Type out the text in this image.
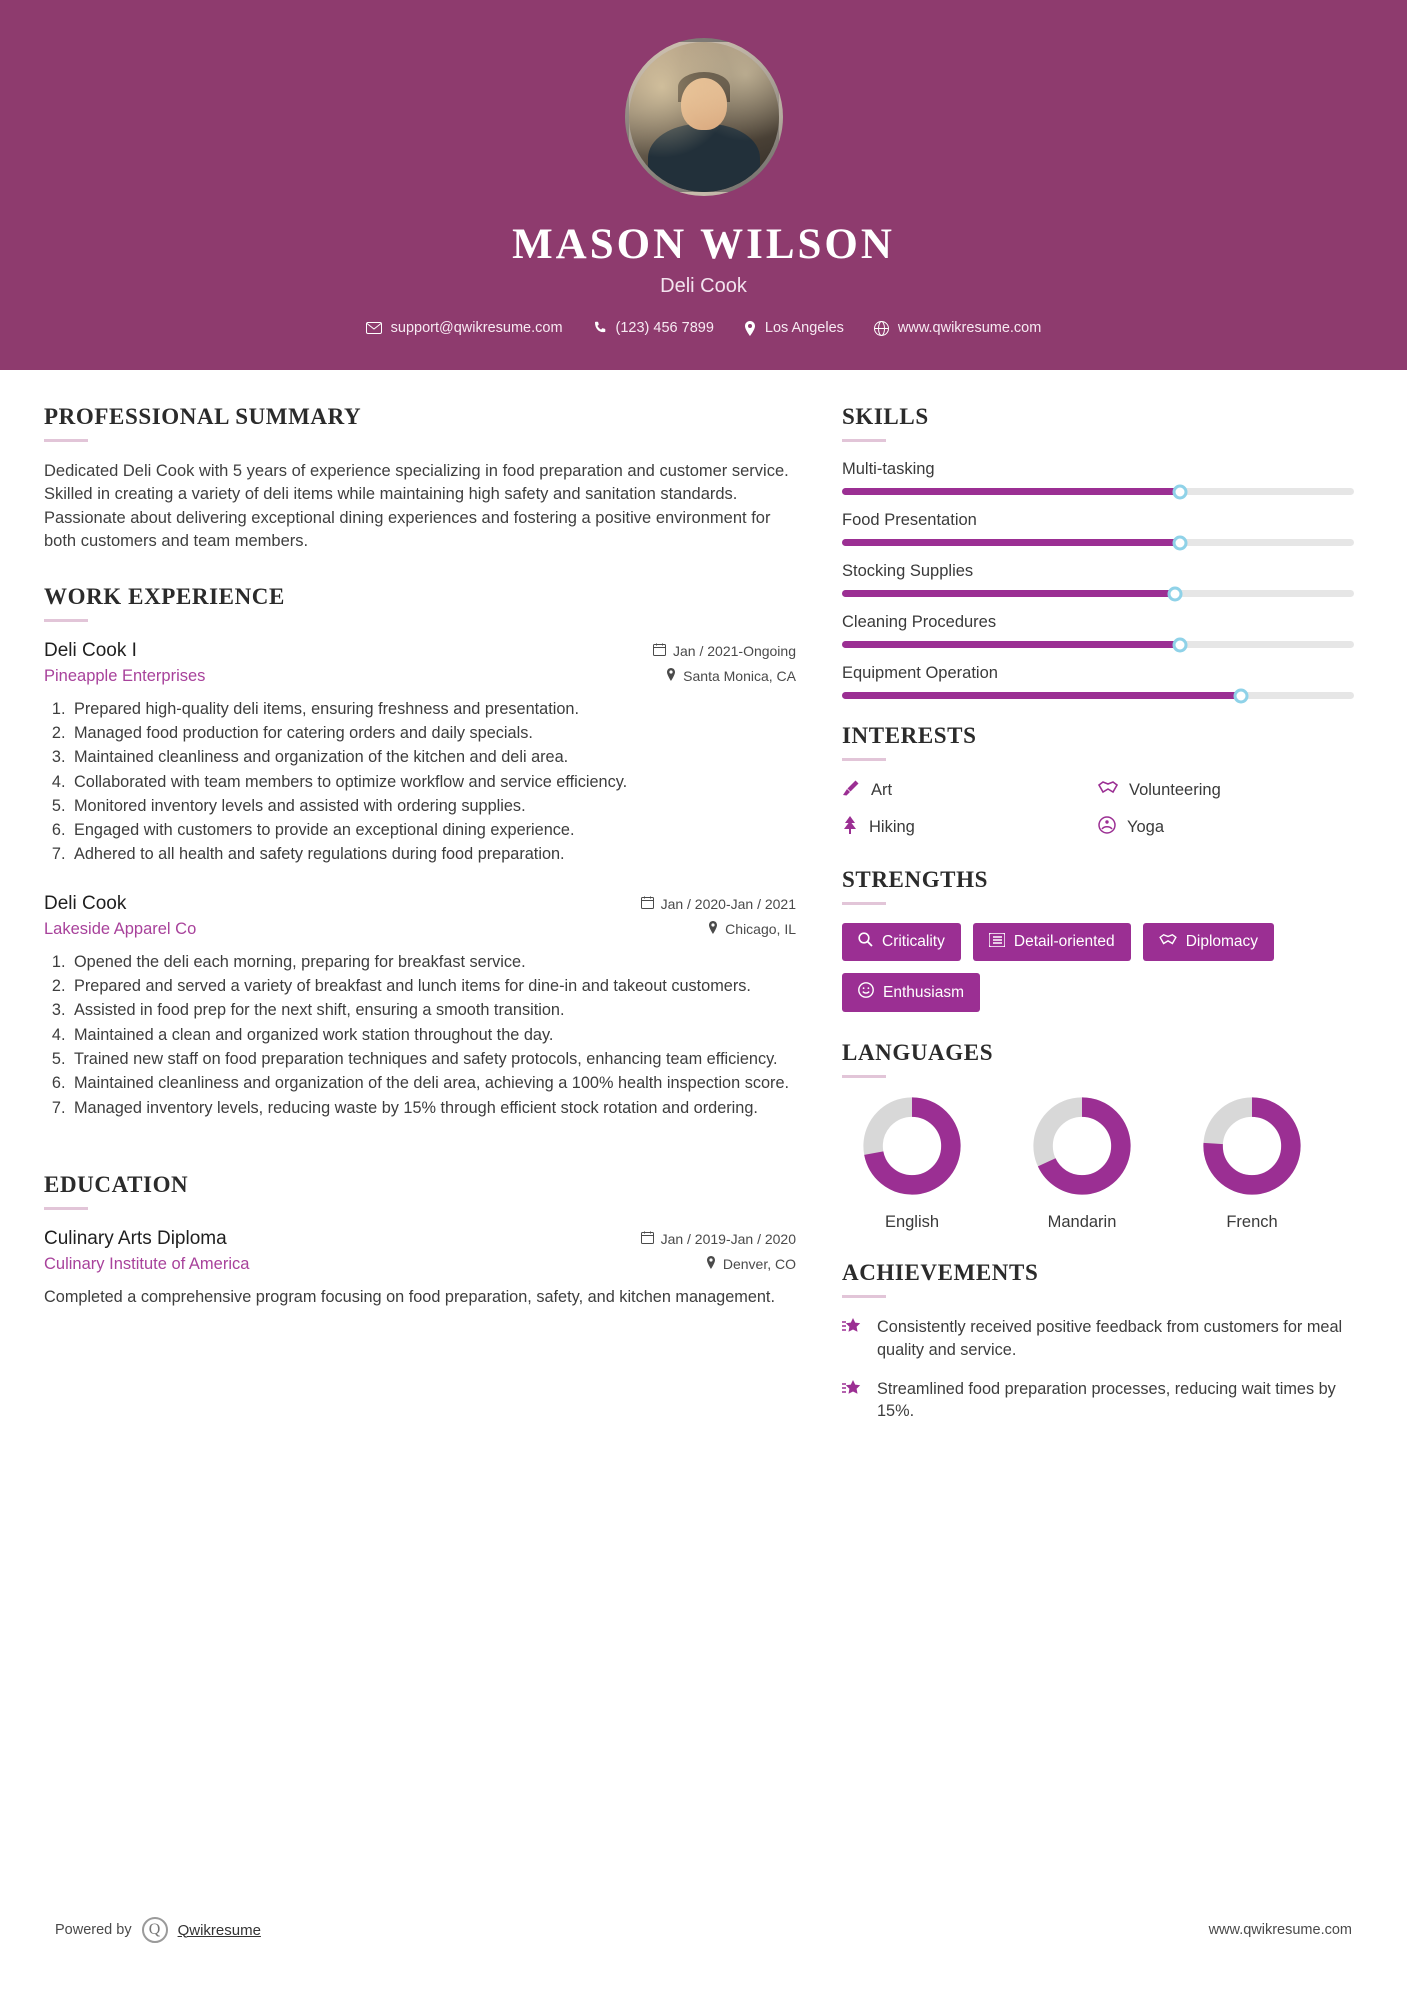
MASON WILSON
Deli Cook
support@qwikresume.com	(123) 456 7899	Los Angeles	www.qwikresume.com
PROFESSIONAL SUMMARY

Dedicated Deli Cook with 5 years of experience specializing in food preparation and customer service. Skilled in creating a variety of deli items while maintaining high safety and sanitation standards. Passionate about delivering exceptional dining experiences and fostering a positive environment for both customers and team members.

WORK EXPERIENCE
Deli Cook I
Pineapple Enterprises
Jan / 2021-Ongoing
Santa Monica, CA
1. Prepared high-quality deli items, ensuring freshness and presentation.
2. Managed food production for catering orders and daily specials.
3. Maintained cleanliness and organization of the kitchen and deli area.
4. Collaborated with team members to optimize workflow and service efficiency.
5. Monitored inventory levels and assisted with ordering supplies.
6. Engaged with customers to provide an exceptional dining experience.
7. Adhered to all health and safety regulations during food preparation.
Deli Cook
Lakeside Apparel Co
Jan / 2020-Jan / 2021
Chicago, IL
1. Opened the deli each morning, preparing for breakfast service.
2. Prepared and served a variety of breakfast and lunch items for dine-in and takeout customers.
3. Assisted in food prep for the next shift, ensuring a smooth transition.
4. Maintained a clean and organized work station throughout the day.
5. Trained new staff on food preparation techniques and safety protocols, enhancing team efficiency.
6. Maintained cleanliness and organization of the deli area, achieving a 100% health inspection score.
7. Managed inventory levels, reducing waste by 15% through efficient stock rotation and ordering.
EDUCATION
Culinary Arts Diploma
Culinary Institute of America
Jan / 2019-Jan / 2020
Denver, CO

Completed a comprehensive program focusing on food preparation, safety, and kitchen management.

SKILLS
Multi-tasking
Food Presentation
Stocking Supplies
Cleaning Procedures
Equipment Operation
INTERESTS
Art	Volunteering
Hiking	Yoga
STRENGTHS
Criticality	Detail-oriented	Diplomacy
Enthusiasm
LANGUAGES
English	Mandarin	French
ACHIEVEMENTS
Consistently received positive feedback from customers for meal quality and service.
Streamlined food preparation processes, reducing wait times by 15%.
Powered by	Q	Qwikresume	www.qwikresume.com
